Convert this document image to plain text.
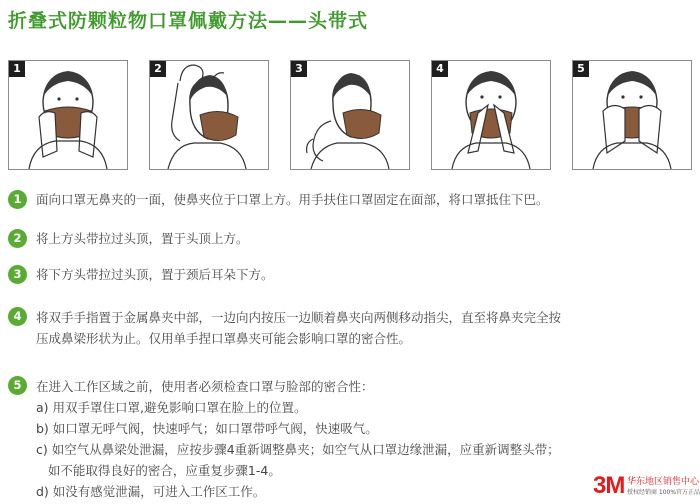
折叠式防颗粒物口罩佩戴方法——头带式
1	2	3	4	5
1	面向口罩无鼻夹的一面，使鼻夹位于口罩上方。用手扶住口罩固定在面部，将口罩抵住下巴。
2	将上方头带拉过头顶，置于头顶上方。
3	将下方头带拉过头顶，置于颈后耳朵下方。
4	将双手手指置于金属鼻夹中部，一边向内按压一边顺着鼻夹向两侧移动指尖，直至将鼻夹完全按
压成鼻梁形状为止。仅用单手捏口罩鼻夹可能会影响口罩的密合性。
5	在进入工作区域之前，使用者必须检查口罩与脸部的密合性：
a) 用双手罩住口罩,避免影响口罩在脸上的位置。
b) 如口罩无呼气阀，快速呼气；如口罩带呼气阀，快速吸气。
c) 如空气从鼻梁处泄漏，应按步骤4重新调整鼻夹；如空气从口罩边缘泄漏，应重新调整头带；
如不能取得良好的密合，应重复步骤1-4。
d) 如没有感觉泄漏，可进入工作区工作。	3M 华东地区销售中心
授权经销商 100%官方正品
